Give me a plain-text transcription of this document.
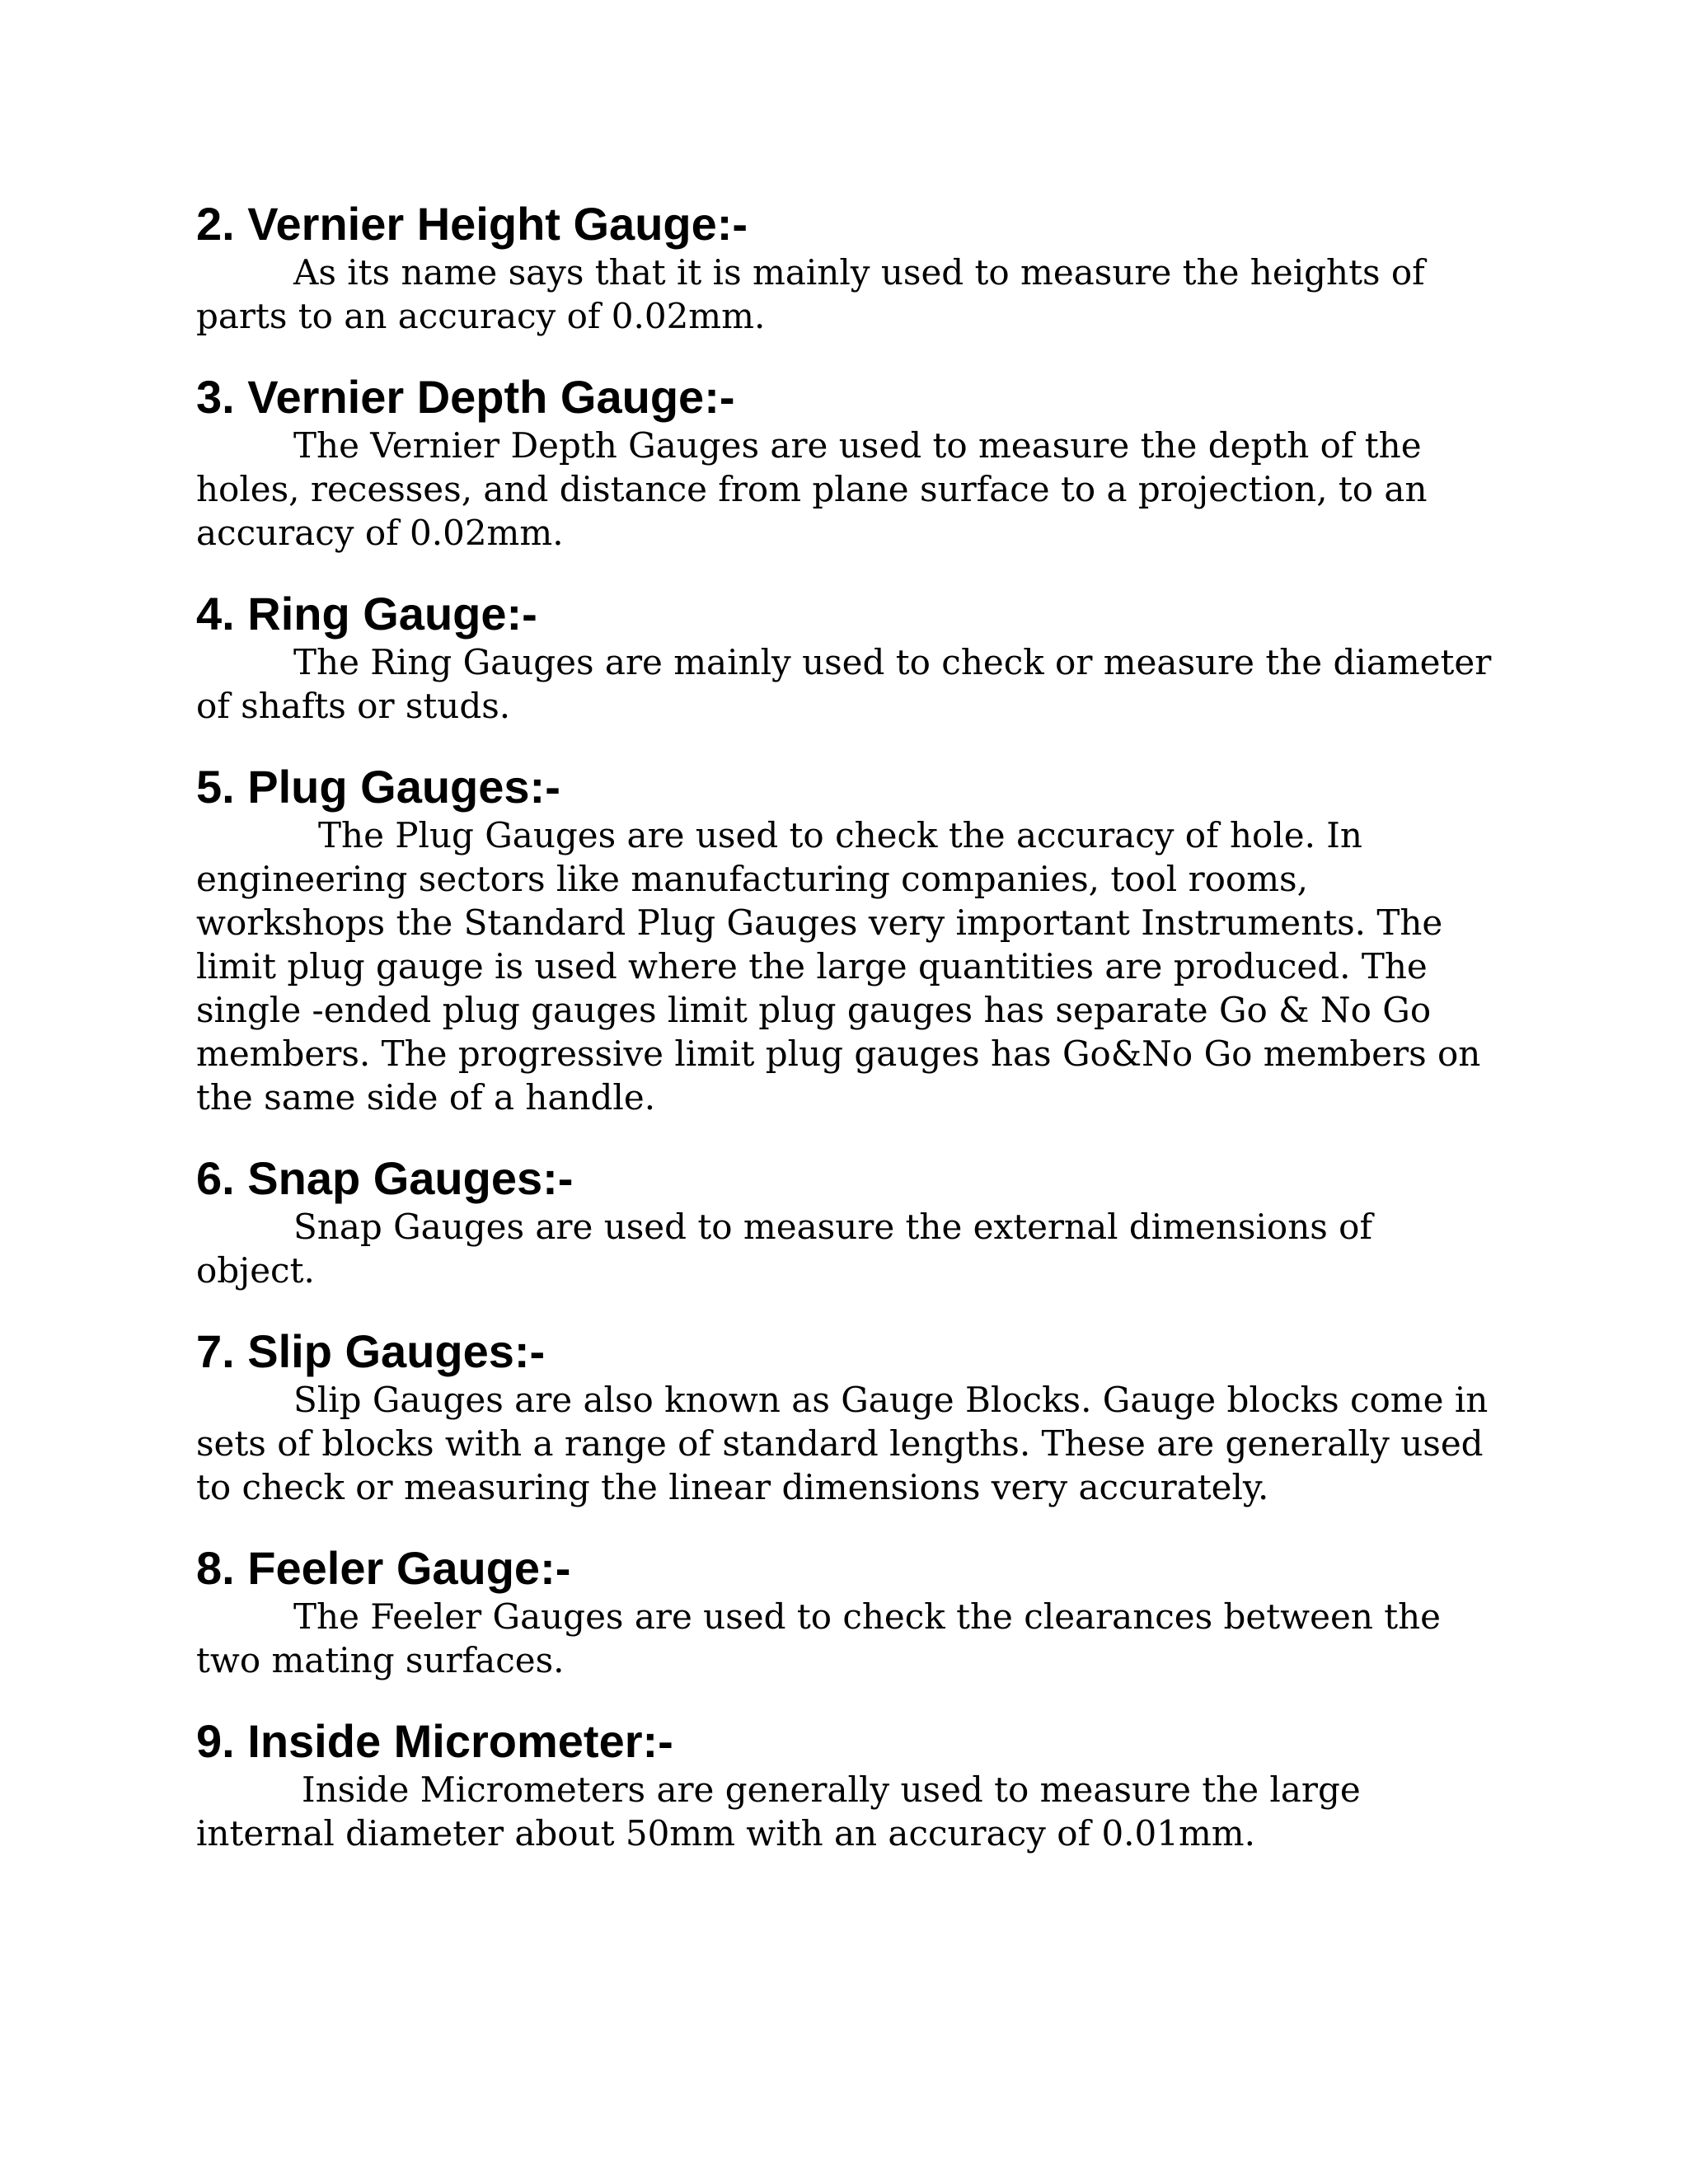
2. Vernier Height Gauge:-

As its name says that it is mainly used to measure the heights of parts to an accuracy of 0.02mm.

3. Vernier Depth Gauge:-

The Vernier Depth Gauges are used to measure the depth of the holes, recesses, and distance from plane surface to a projection, to an accuracy of 0.02mm.

4. Ring Gauge:-

The Ring Gauges are mainly used to check or measure the diameter of shafts or studs.

5. Plug Gauges:-

The Plug Gauges are used to check the accuracy of hole. In engineering sectors like manufacturing companies, tool rooms, workshops the Standard Plug Gauges very important Instruments. The limit plug gauge is used where the large quantities are produced. The single -ended plug gauges limit plug gauges has separate Go & No Go members. The progressive limit plug gauges has Go&No Go members on the same side of a handle.

6. Snap Gauges:-

Snap Gauges are used to measure the external dimensions of object.

7. Slip Gauges:-

Slip Gauges are also known as Gauge Blocks. Gauge blocks come in sets of blocks with a range of standard lengths. These are generally used to check or measuring the linear dimensions very accurately.

8. Feeler Gauge:-

The Feeler Gauges are used to check the clearances between the two mating surfaces.

9. Inside Micrometer:-

Inside Micrometers are generally used to measure the large internal diameter about 50mm with an accuracy of 0.01mm.
